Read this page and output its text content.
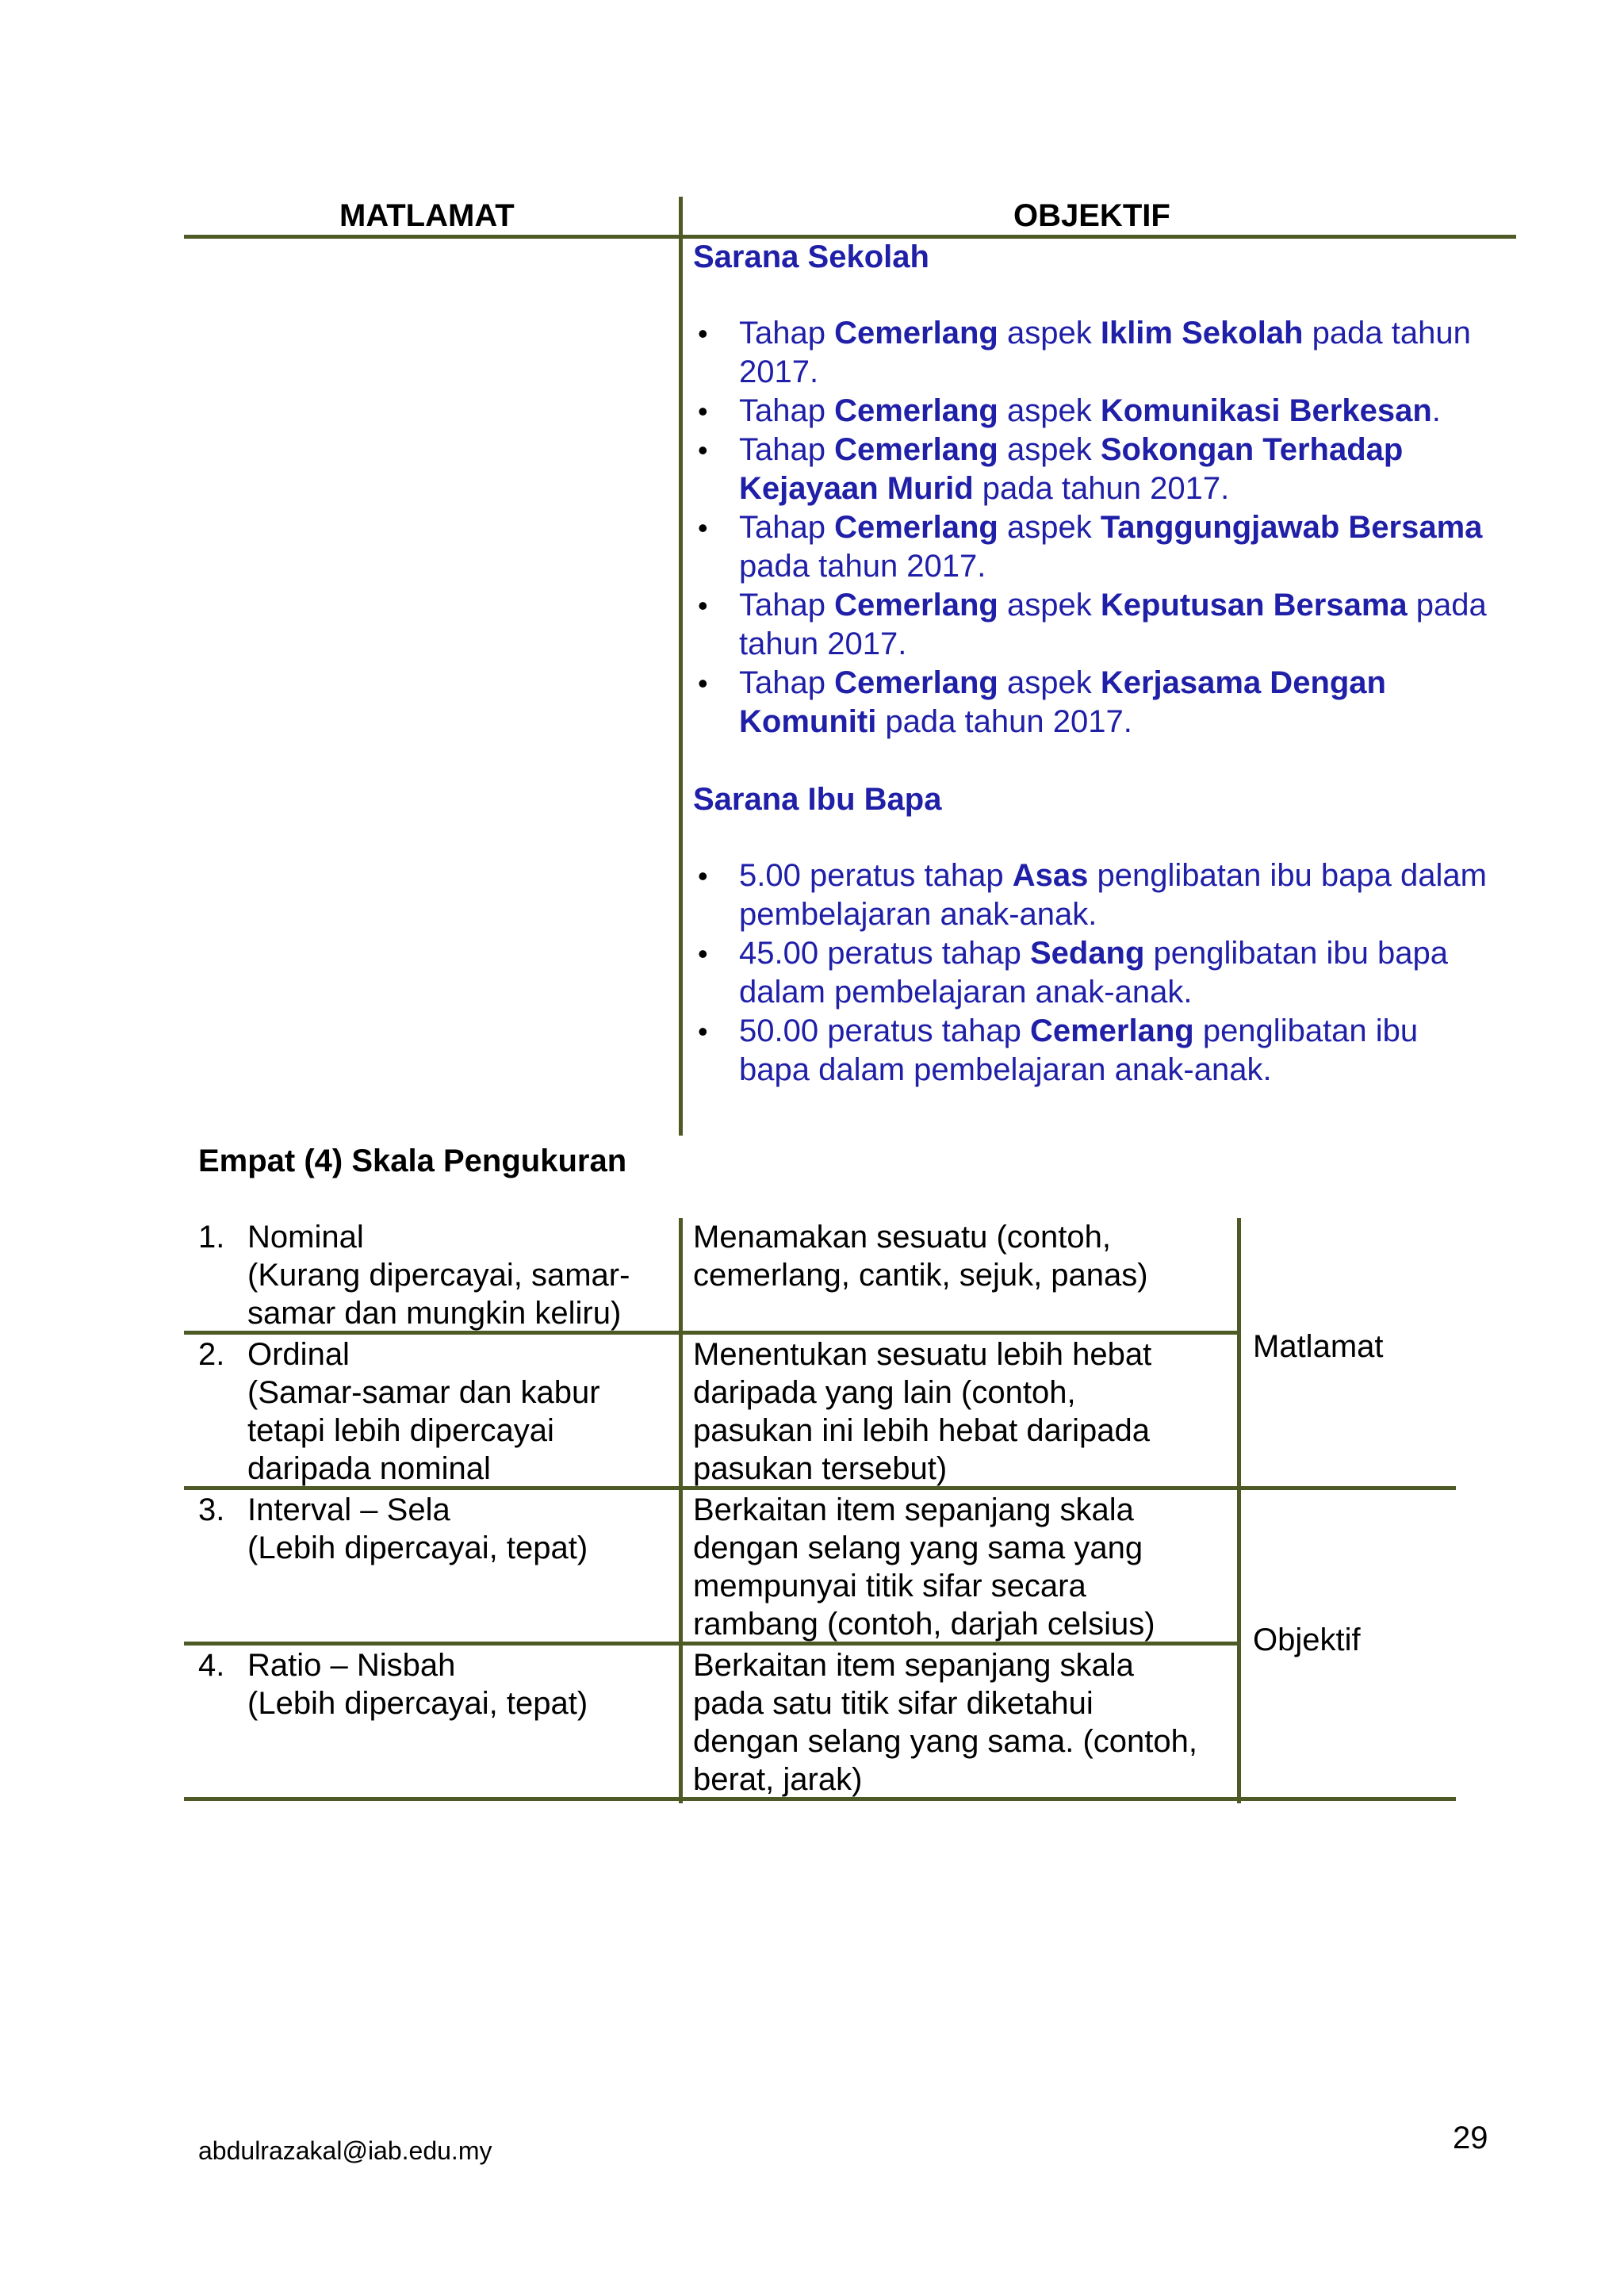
MATLAMAT	OBJEKTIF
Sarana Sekolah
• Tahap Cemerlang aspek Iklim Sekolah pada tahun 2017.
• Tahap Cemerlang aspek Komunikasi Berkesan.
• Tahap Cemerlang aspek Sokongan Terhadap Kejayaan Murid pada tahun 2017.
• Tahap Cemerlang aspek Tanggungjawab Bersama pada tahun 2017.
• Tahap Cemerlang aspek Keputusan Bersama pada tahun 2017.
• Tahap Cemerlang aspek Kerjasama Dengan Komuniti pada tahun 2017.
Sarana Ibu Bapa
• 5.00 peratus tahap Asas penglibatan ibu bapa dalam pembelajaran anak-anak.
• 45.00 peratus tahap Sedang penglibatan ibu bapa dalam pembelajaran anak-anak.
• 50.00 peratus tahap Cemerlang penglibatan ibu bapa dalam pembelajaran anak-anak.
Empat (4) Skala Pengukuran
1. Nominal
(Kurang dipercayai, samar-
samar dan mungkin keliru)
Menamakan sesuatu (contoh,
cemerlang, cantik, sejuk, panas)
2. Ordinal
(Samar-samar dan kabur
tetapi lebih dipercayai
daripada nominal
Menentukan sesuatu lebih hebat
daripada yang lain (contoh,
pasukan ini lebih hebat daripada
pasukan tersebut)
3. Interval – Sela
(Lebih dipercayai, tepat)
Berkaitan item sepanjang skala
dengan selang yang sama yang
mempunyai titik sifar secara
rambang (contoh, darjah celsius)
4. Ratio – Nisbah
(Lebih dipercayai, tepat)
Berkaitan item sepanjang skala
pada satu titik sifar diketahui
dengan selang yang sama. (contoh,
berat, jarak)
Matlamat
Objektif
abdulrazakal@iab.edu.my	29
